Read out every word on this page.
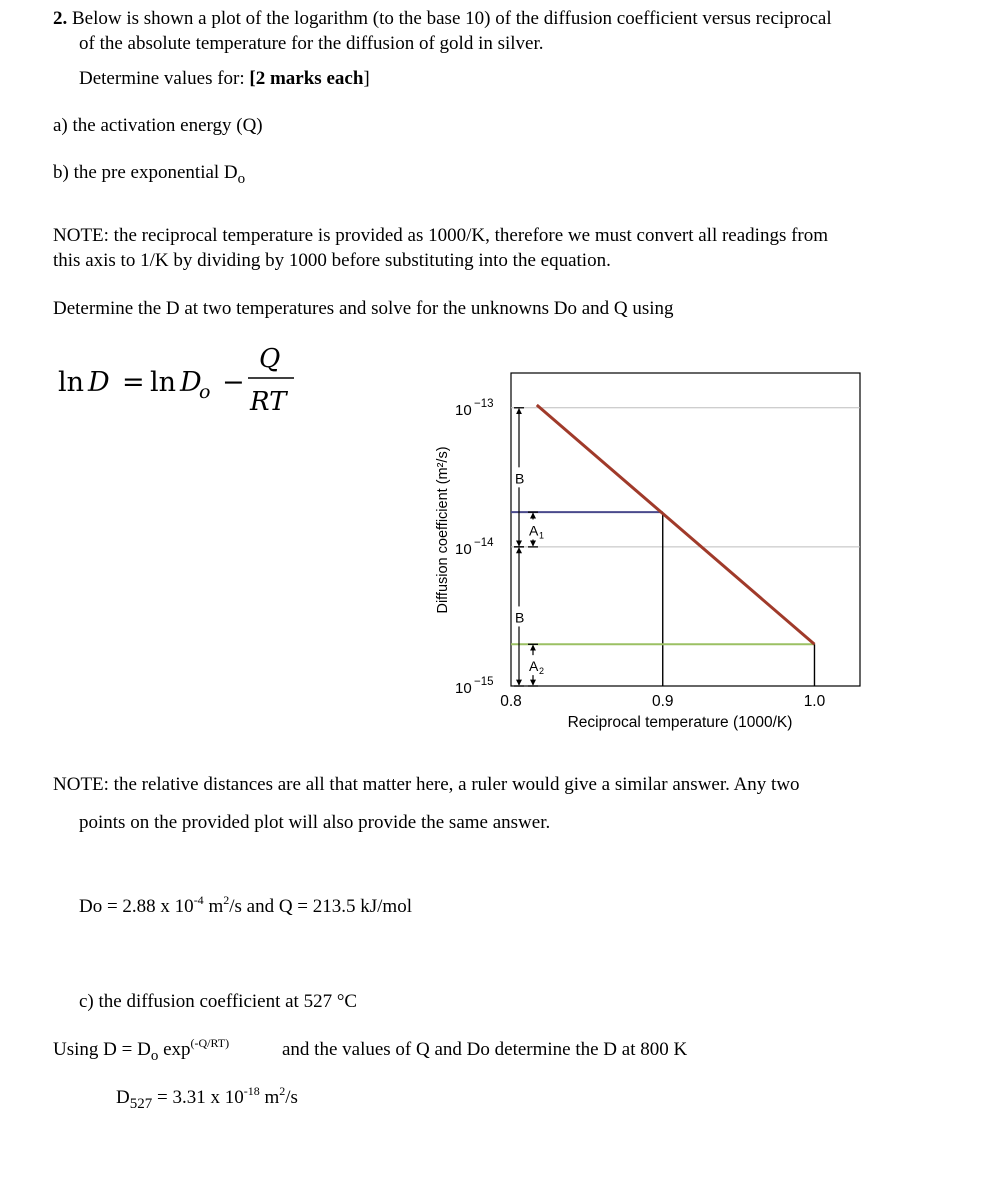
2. Below is shown a plot of the logarithm (to the base 10) of the diffusion coefficient versus reciprocal
of the absolute temperature for the diffusion of gold in silver.
Determine values for: [2 marks each]
a) the activation energy (Q)
b) the pre exponential $D_o$
NOTE: the reciprocal temperature is provided as 1000/K, therefore we must convert all readings from
this axis to 1/K by dividing by 1000 before substituting into the equation.
Determine the D at two temperatures and solve for the unknowns Do and Q using
ln D = ln D
o −
Q
RT
B
B
A 1
A 2
10 −13
10 −14
10 −15
0.8	0.9	1.0
Diffusion coefficient (m²/s)
Reciprocal temperature (1000/K)
NOTE: the relative distances are all that matter here, a ruler would give a similar answer. Any two
points on the provided plot will also provide the same answer.
Do = 2.88 x $10^{-4}$ $m^2/s$ and Q = 213.5 kJ/mol
c) the diffusion coefficient at 527 °C
Using $D = D_o$ $\exp^{(-Q/RT)}$	and the values of Q and Do determine the D at 800 K
$D_{527} = 3.31$ x $10^{-18}$ $m^2/s$
